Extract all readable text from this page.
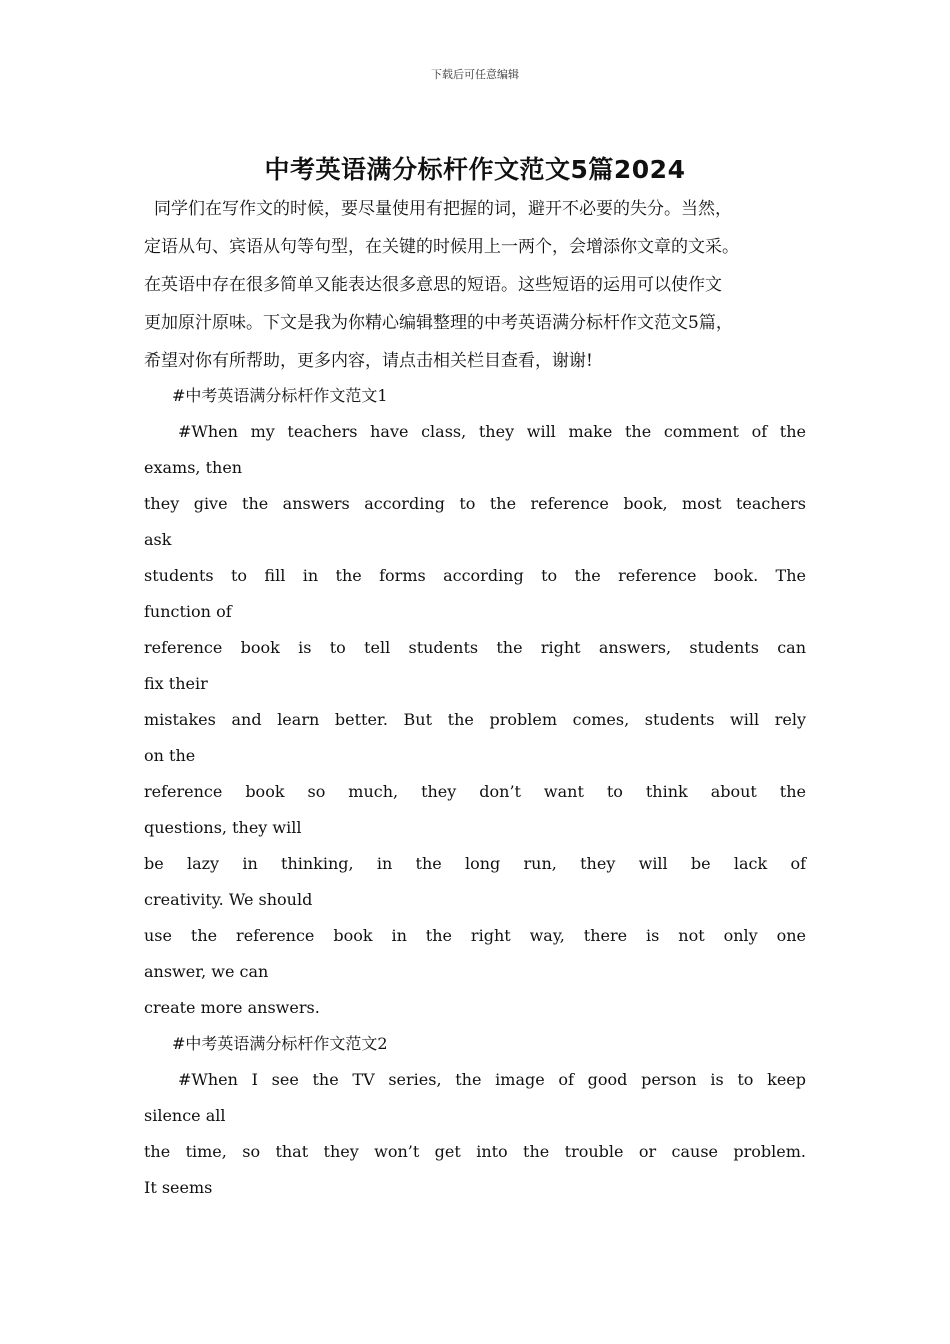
下载后可任意编辑
中考英语满分标杆作文范文5篇2024
同学们在写作文的时候，要尽量使用有把握的词，避开不必要的失分。当然，
定语从句、宾语从句等句型，在关键的时候用上一两个，会增添你文章的文采。
在英语中存在很多简单又能表达很多意思的短语。这些短语的运用可以使作文
更加原汁原味。下文是我为你精心编辑整理的中考英语满分标杆作文范文5篇，
希望对你有所帮助，更多内容，请点击相关栏目查看，谢谢!
#中考英语满分标杆作文范文1
#When my teachers have class, they will make the comment of the
exams, then
they give the answers according to the reference book, most teachers
ask
students to fill in the forms according to the reference book. The
function of
reference book is to tell students the right answers, students can
fix their
mistakes and learn better. But the problem comes, students will rely
on the
reference book so much, they don’t want to think about the
questions, they will
be lazy in thinking, in the long run, they will be lack of
creativity. We should
use the reference book in the right way, there is not only one
answer, we can
create more answers.
#中考英语满分标杆作文范文2
#When I see the TV series, the image of good person is to keep
silence all
the time, so that they won’t get into the trouble or cause problem.
It seems
